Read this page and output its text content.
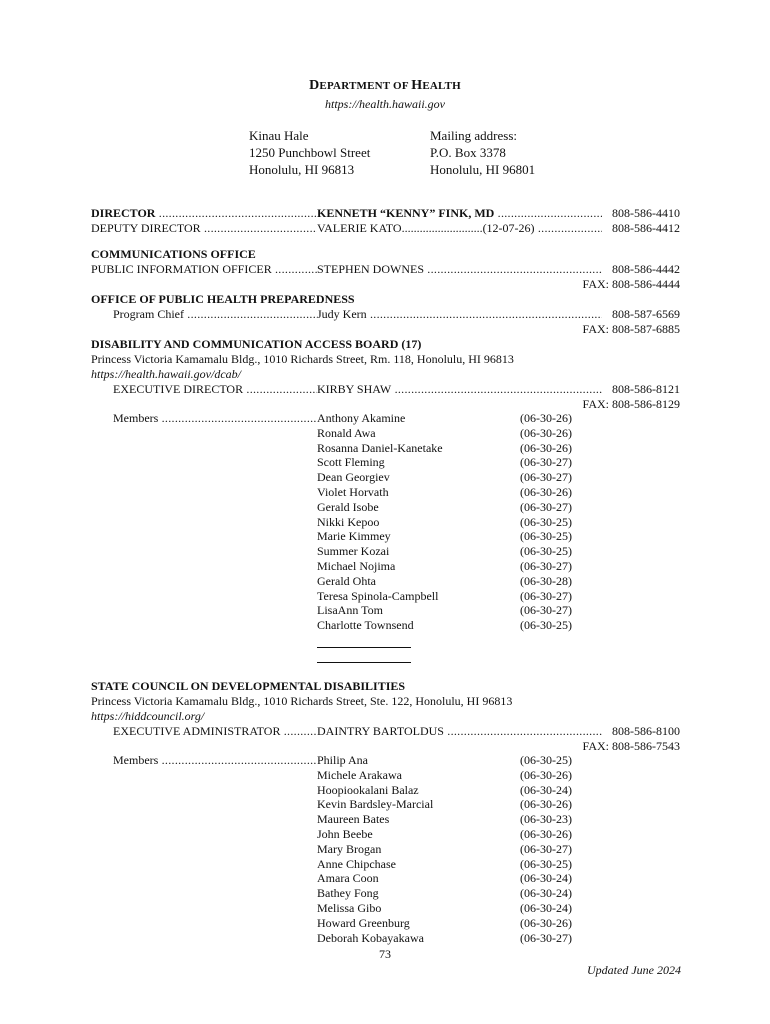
DEPARTMENT OF HEALTH
https://health.hawaii.gov
Kinau Hale
1250 Punchbowl Street
Honolulu, HI 96813
Mailing address:
P.O. Box 3378
Honolulu, HI 96801
DIRECTOR .....	KENNETH “KENNY” FINK, MD .....	808-586-4410
DEPUTY DIRECTOR .....	VALERIE KATO...........................(12-07-26) .....	808-586-4412
COMMUNICATIONS OFFICE
PUBLIC INFORMATION OFFICER .....	STEPHEN DOWNES .....	808-586-4442
FAX: 808-586-4444
OFFICE OF PUBLIC HEALTH PREPAREDNESS
Program Chief .....	Judy Kern .....	808-587-6569
FAX: 808-587-6885
DISABILITY AND COMMUNICATION ACCESS BOARD (17)
Princess Victoria Kamamalu Bldg., 1010 Richards Street, Rm. 118, Honolulu, HI 96813
https://health.hawaii.gov/dcab/
EXECUTIVE DIRECTOR .....	KIRBY SHAW .....	808-586-8121
FAX: 808-586-8129
Members .....	Anthony Akamine	(06-30-26)
Ronald Awa	(06-30-26)
Rosanna Daniel-Kanetake	(06-30-26)
Scott Fleming	(06-30-27)
Dean Georgiev	(06-30-27)
Violet Horvath	(06-30-26)
Gerald Isobe	(06-30-27)
Nikki Kepoo	(06-30-25)
Marie Kimmey	(06-30-25)
Summer Kozai	(06-30-25)
Michael Nojima	(06-30-27)
Gerald Ohta	(06-30-28)
Teresa Spinola-Campbell	(06-30-27)
LisaAnn Tom	(06-30-27)
Charlotte Townsend	(06-30-25)
STATE COUNCIL ON DEVELOPMENTAL DISABILITIES
Princess Victoria Kamamalu Bldg., 1010 Richards Street, Ste. 122, Honolulu, HI 96813
https://hiddcouncil.org/
EXECUTIVE ADMINISTRATOR .....	DAINTRY BARTOLDUS .....	808-586-8100
FAX: 808-586-7543
Members .....	Philip Ana	(06-30-25)
Michele Arakawa	(06-30-26)
Hoopiookalani Balaz	(06-30-24)
Kevin Bardsley-Marcial	(06-30-26)
Maureen Bates	(06-30-23)
John Beebe	(06-30-26)
Mary Brogan	(06-30-27)
Anne Chipchase	(06-30-25)
Amara Coon	(06-30-24)
Bathey Fong	(06-30-24)
Melissa Gibo	(06-30-24)
Howard Greenburg	(06-30-26)
Deborah Kobayakawa	(06-30-27)
73
Updated June 2024
